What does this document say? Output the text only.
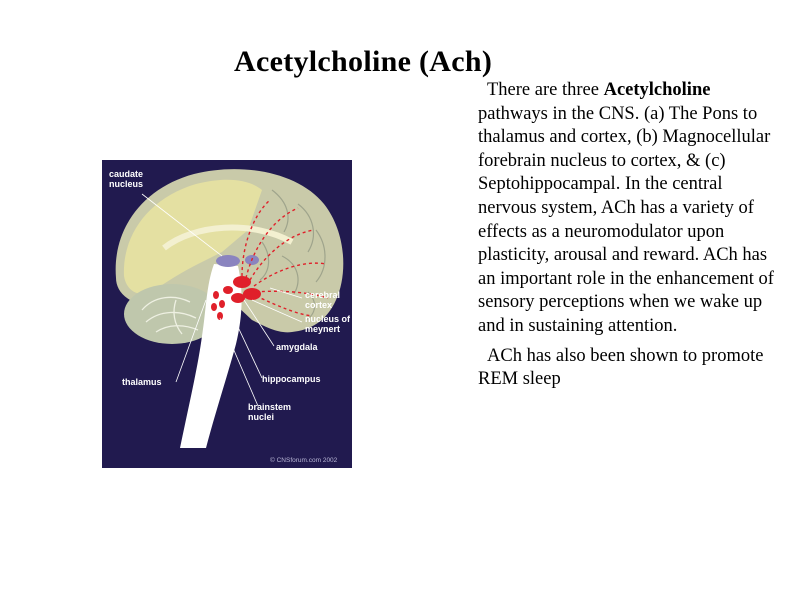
Acetylcholine (Ach)
caudate
nucleus
cerebral
cortex
nucleus of
meynert
amygdala
thalamus	hippocampus
brainstem
nuclei
© CNSforum.com 2002

There are three Acetylcholine pathways in the CNS. (a) The Pons to thalamus and cortex, (b) Magnocellular forebrain nucleus to cortex, & (c) Septohippocampal. In the central nervous system, ACh has a variety of effects as a neuromodulator upon plasticity, arousal and reward. ACh has an important role in the enhancement of sensory perceptions when we wake up and in sustaining attention.

ACh has also been shown to promote REM sleep
